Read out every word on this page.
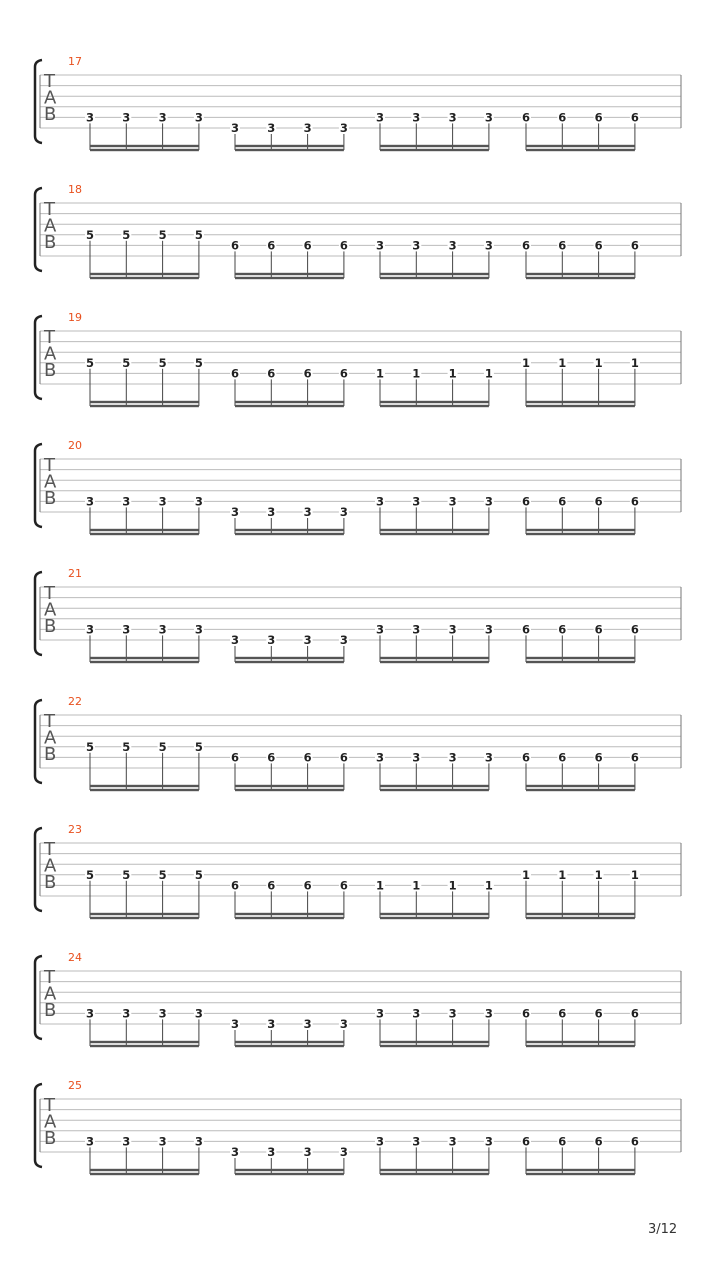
T
A
B	3 3 3 3
3 3 3 3
3 3 3 3	6 6 6 6
17
T
A
B	5 5 5 5
6 6 6 6 3 3 3 3	6 6 6 6
18
T
A
B	5 5 5 5
6 6 6 6 1 1 1 1
1 1 1 1
19
T
A
B	3 3 3 3
3 3 3 3
3 3 3 3	6 6 6 6
20
T
A
B	3 3 3 3
3 3 3 3
3 3 3 3	6 6 6 6
21
T
A
B	5 5 5 5
6 6 6 6 3 3 3 3	6 6 6 6
22
T
A
B	5 5 5 5
6 6 6 6 1 1 1 1
1 1 1 1
23
T
A
B	3 3 3 3
3 3 3 3
3 3 3 3	6 6 6 6
24
T
A
B	3 3 3 3
3 3 3 3
3 3 3 3	6 6 6 6
25
3/12
